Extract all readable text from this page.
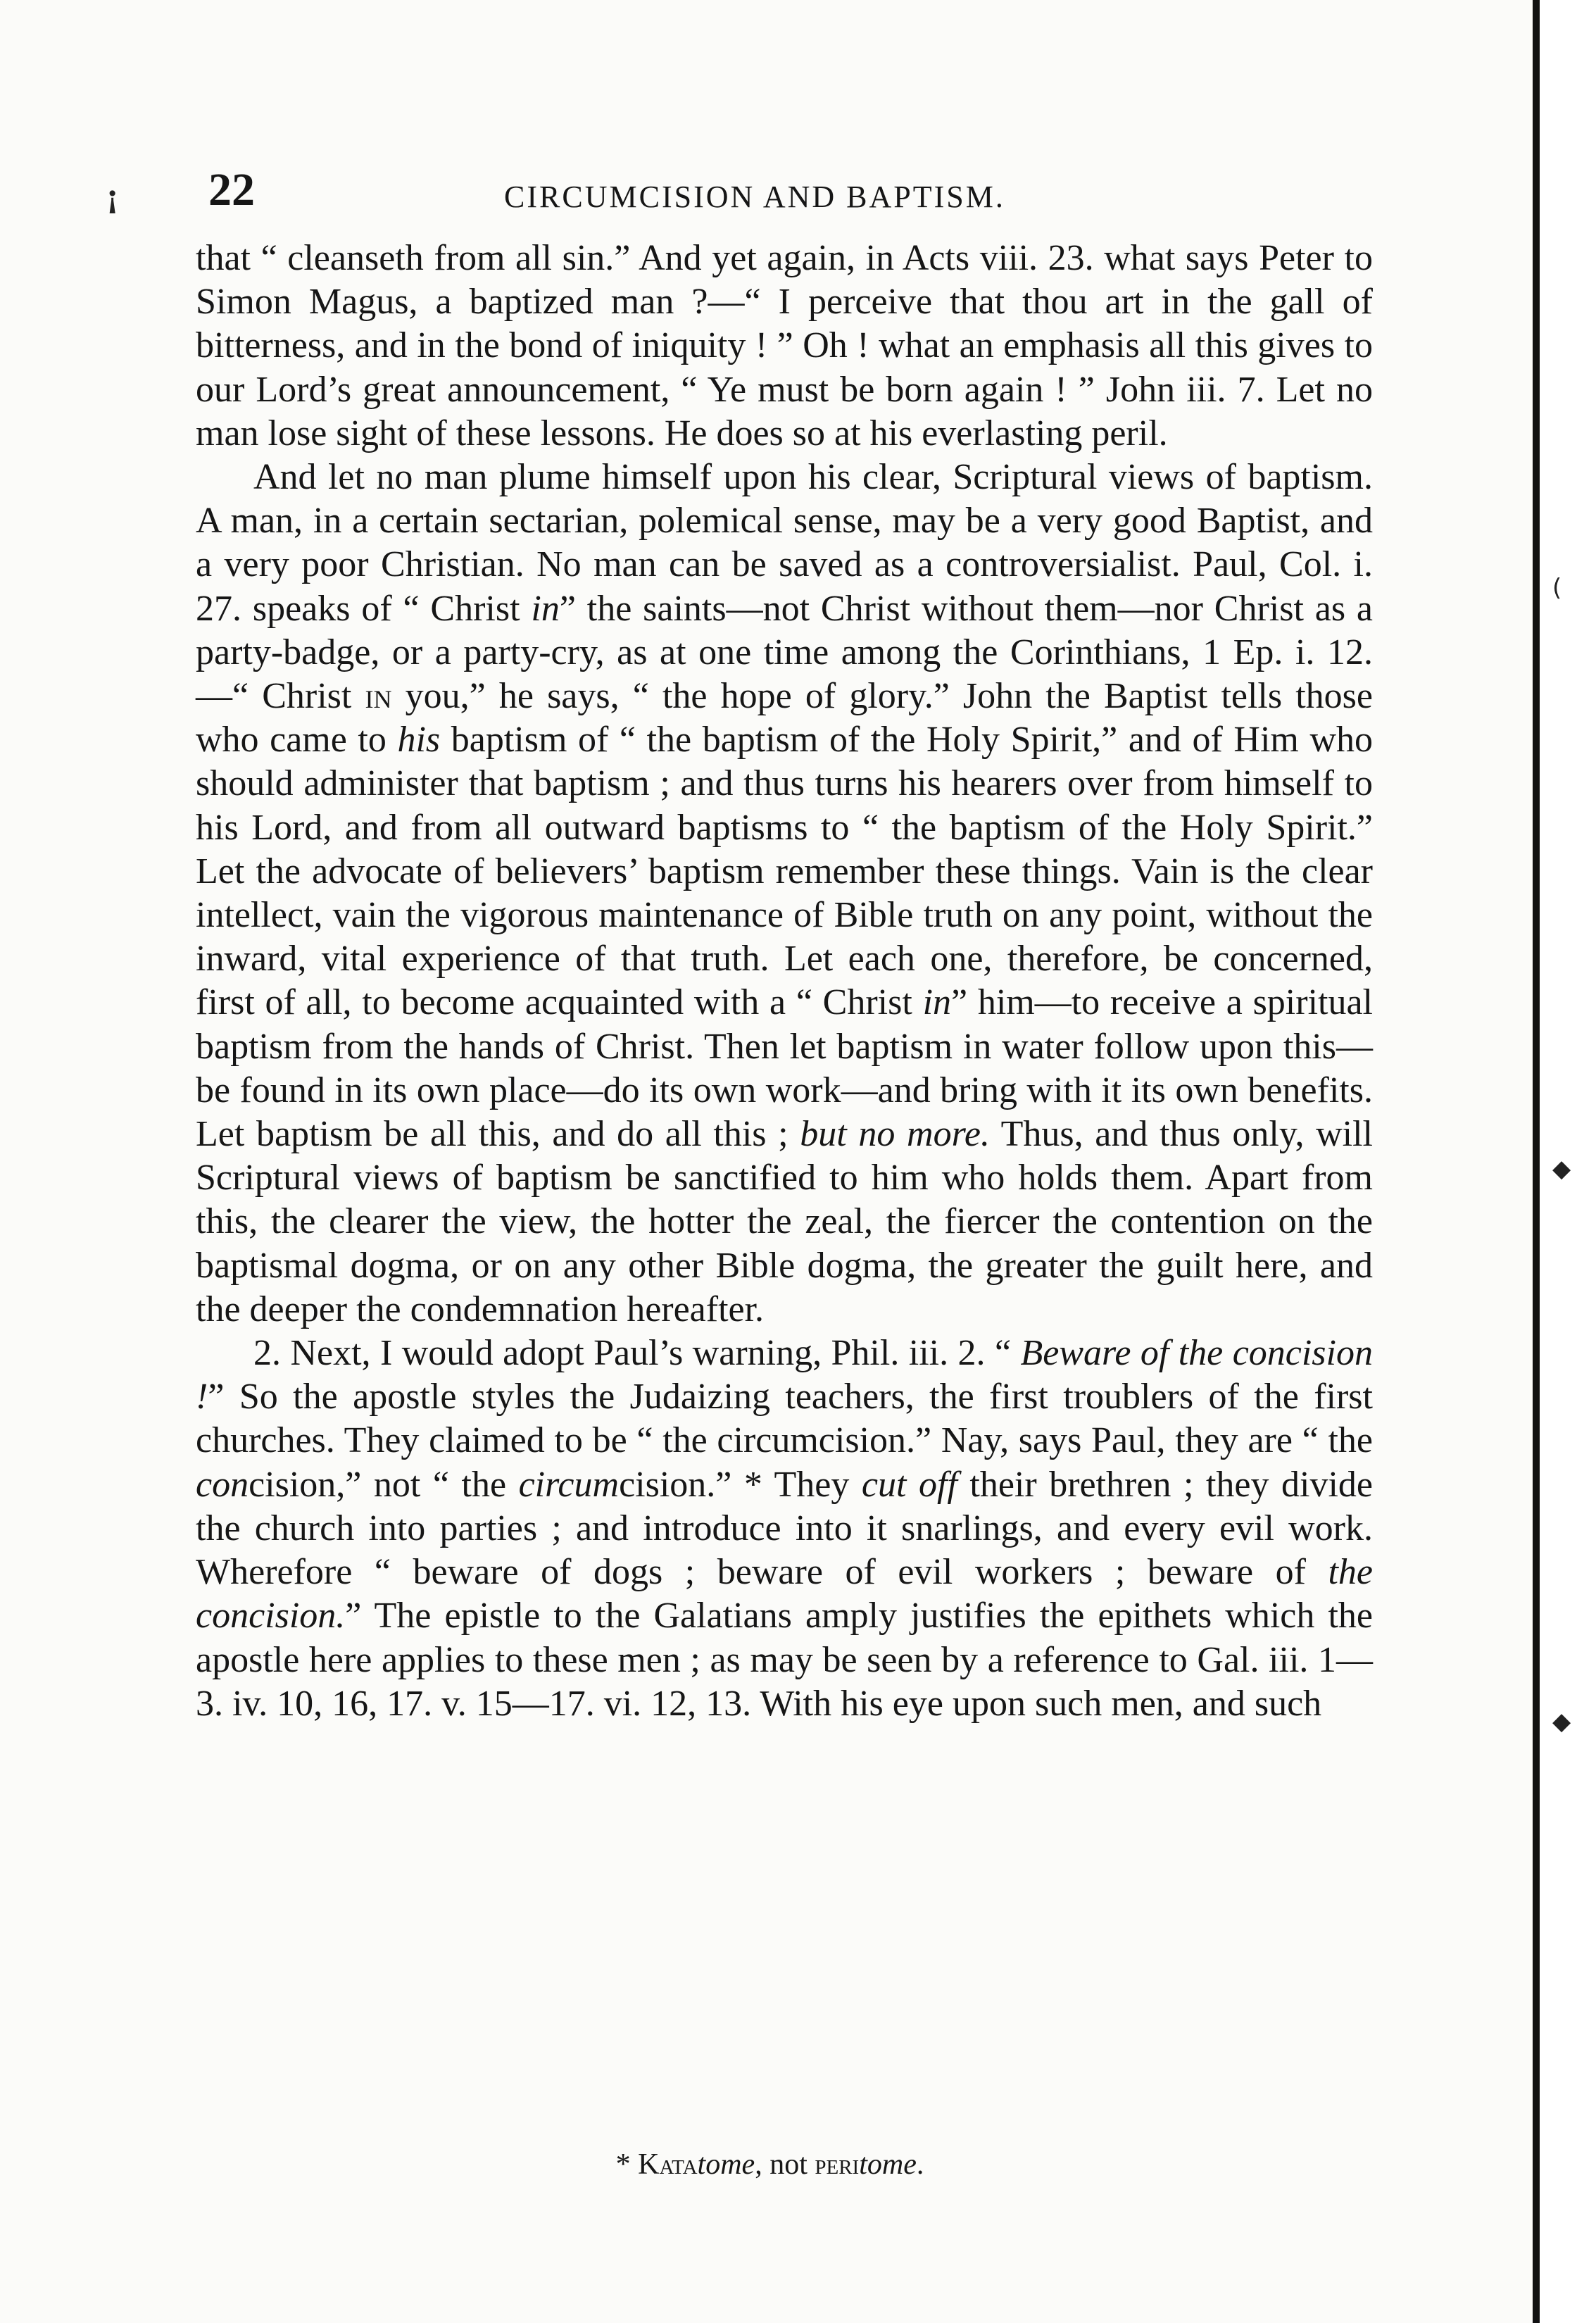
(
◆
◆
¡ 22	CIRCUMCISION AND BAPTISM.

that “ cleanseth from all sin.” And yet again, in Acts viii. 23. what says Peter to Simon Magus, a baptized man ?—“ I perceive that thou art in the gall of bitterness, and in the bond of iniquity ! ” Oh ! what an emphasis all this gives to our Lord’s great announcement, “ Ye must be born again ! ” John iii. 7. Let no man lose sight of these lessons. He does so at his everlasting peril.

And let no man plume himself upon his clear, Scriptural views of baptism. A man, in a certain sectarian, polemical sense, may be a very good Baptist, and a very poor Christian. No man can be saved as a controversialist. Paul, Col. i. 27. speaks of “ Christ in” the saints—not Christ without them—nor Christ as a party-badge, or a party-cry, as at one time among the Corinthians, 1 Ep. i. 12.—“ Christ in you,” he says, “ the hope of glory.” John the Baptist tells those who came to his baptism of “ the baptism of the Holy Spirit,” and of Him who should administer that baptism ; and thus turns his hearers over from himself to his Lord, and from all outward baptisms to “ the baptism of the Holy Spirit.” Let the advocate of believers’ baptism remember these things. Vain is the clear intellect, vain the vigorous maintenance of Bible truth on any point, without the inward, vital experience of that truth. Let each one, therefore, be concerned, first of all, to become acquainted with a “ Christ in” him—to receive a spiritual baptism from the hands of Christ. Then let baptism in water follow upon this—be found in its own place—do its own work—and bring with it its own benefits. Let baptism be all this, and do all this ; but no more. Thus, and thus only, will Scriptural views of baptism be sanctified to him who holds them. Apart from this, the clearer the view, the hotter the zeal, the fiercer the contention on the baptismal dogma, or on any other Bible dogma, the greater the guilt here, and the deeper the condemnation hereafter.

2. Next, I would adopt Paul’s warning, Phil. iii. 2. “ Beware of the concision !” So the apostle styles the Judaizing teachers, the first troublers of the first churches. They claimed to be “ the circumcision.” Nay, says Paul, they are “ the concision,” not “ the circumcision.” * They cut off their brethren ; they divide the church into parties ; and introduce into it snarlings, and every evil work. Wherefore “ beware of dogs ; beware of evil workers ; beware of the concision.” The epistle to the Galatians amply justifies the epithets which the apostle here applies to these men ; as may be seen by a reference to Gal. iii. 1—3. iv. 10, 16, 17. v. 15—17. vi. 12, 13. With his eye upon such men, and such

* Katatome, not peritome.
